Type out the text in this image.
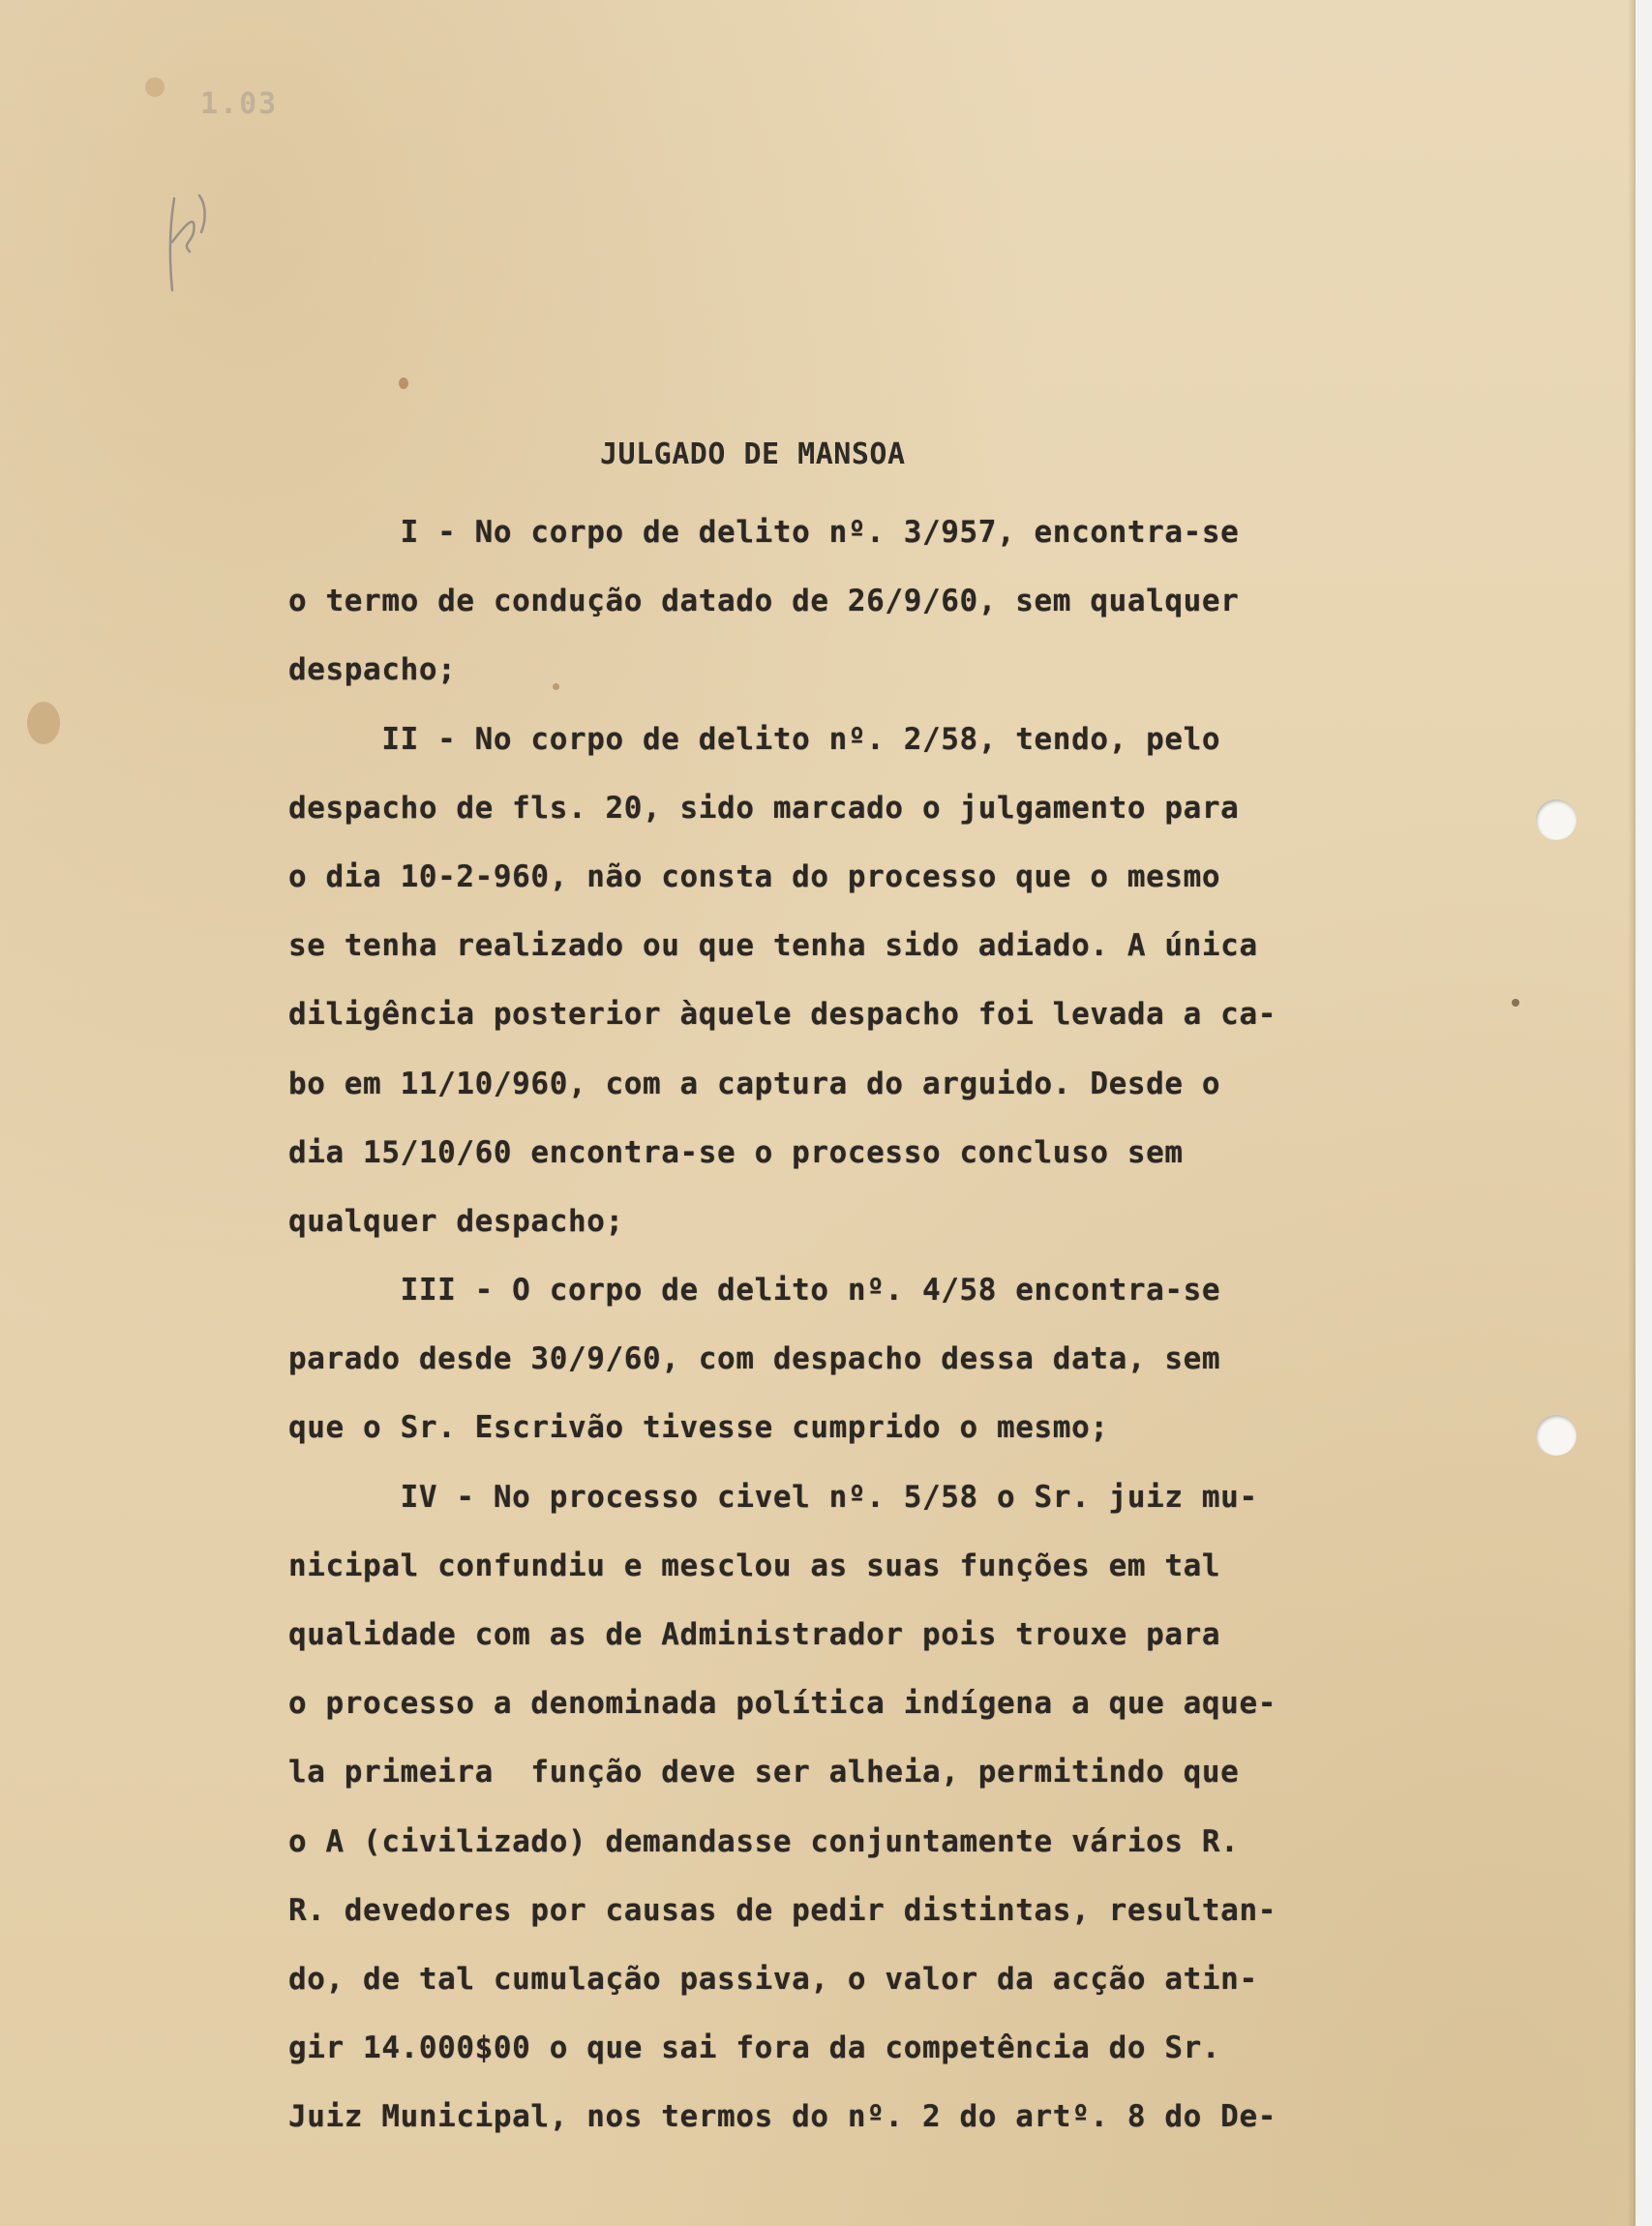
1.03
JULGADO DE MANSOA
I - No corpo de delito nº. 3/957, encontra-se
o termo de condução datado de 26/9/60, sem qualquer
despacho;
II - No corpo de delito nº. 2/58, tendo, pelo
despacho de fls. 20, sido marcado o julgamento para
o dia 10-2-960, não consta do processo que o mesmo
se tenha realizado ou que tenha sido adiado. A única
diligência posterior àquele despacho foi levada a ca-
bo em 11/10/960, com a captura do arguido. Desde o
dia 15/10/60 encontra-se o processo concluso sem
qualquer despacho;
III - O corpo de delito nº. 4/58 encontra-se
parado desde 30/9/60, com despacho dessa data, sem
que o Sr. Escrivão tivesse cumprido o mesmo;
IV - No processo civel nº. 5/58 o Sr. juiz mu-
nicipal confundiu e mesclou as suas funções em tal
qualidade com as de Administrador pois trouxe para
o processo a denominada política indígena a que aque-
la primeira  função deve ser alheia, permitindo que
o A (civilizado) demandasse conjuntamente vários R.
R. devedores por causas de pedir distintas, resultan-
do, de tal cumulação passiva, o valor da acção atin-
gir 14.000$00 o que sai fora da competência do Sr.
Juiz Municipal, nos termos do nº. 2 do artº. 8 do De-
